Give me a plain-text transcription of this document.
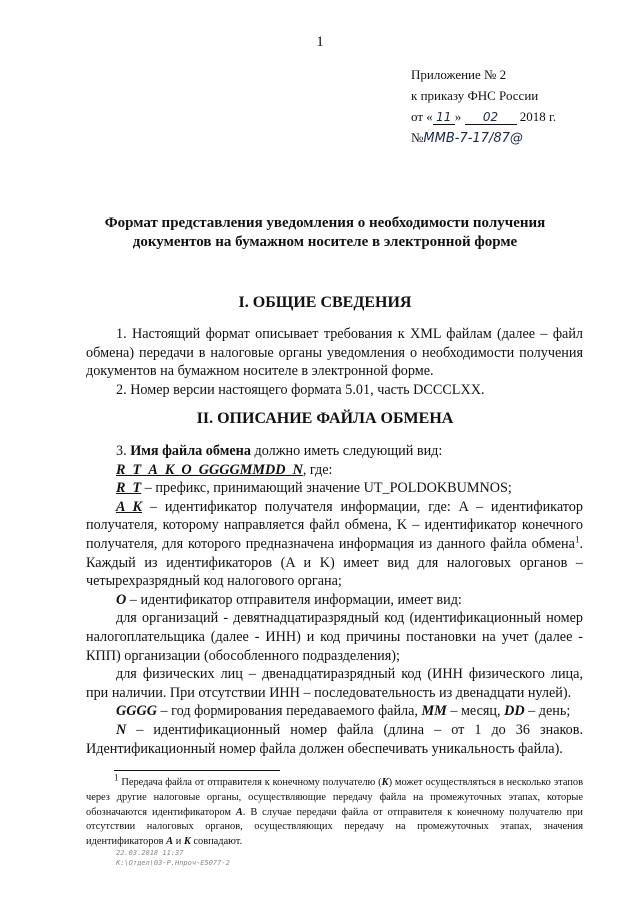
1
Приложение № 2
к приказу ФНС России
от « 11 » 02 2018 г.
№ММВ-7-17/87@
Формат представления уведомления о необходимости получения
документов на бумажном носителе в электронной форме
I. ОБЩИЕ СВЕДЕНИЯ

1. Настоящий формат описывает требования к XML файлам (далее – файл обмена) передачи в налоговые органы уведомления о необходимости получения документов на бумажном носителе в электронной форме.

2. Номер версии настоящего формата 5.01, часть DCCCLXX.

II. ОПИСАНИЕ ФАЙЛА ОБМЕНА

3. Имя файла обмена должно иметь следующий вид:

R_T_A_K_O_GGGGMMDD_N, где:

R_T – префикс, принимающий значение UT_POLDOKBUMNOS;

A_K – идентификатор получателя информации, где: A – идентификатор получателя, которому направляется файл обмена, K – идентификатор конечного получателя, для которого предназначена информация из данного файла обмена$^1$. Каждый из идентификаторов (A и K) имеет вид для налоговых органов – четырехразрядный код налогового органа;

O – идентификатор отправителя информации, имеет вид:

для организаций - девятнадцатиразрядный код (идентификационный номер налогоплательщика (далее - ИНН) и код причины постановки на учет (далее - КПП) организации (обособленного подразделения);

для физических лиц – двенадцатиразрядный код (ИНН физического лица, при наличии. При отсутствии ИНН – последовательность из двенадцати нулей).

GGGG – год формирования передаваемого файла, MM – месяц, DD – день;

N – идентификационный номер файла (длина – от 1 до 36 знаков. Идентификационный номер файла должен обеспечивать уникальность файла).

$^1$ Передача файла от отправителя к конечному получателю (K) может осуществляться в несколько этапов через другие налоговые органы, осуществляющие передачу файла на промежуточных этапах, которые обозначаются идентификатором A. В случае передачи файла от отправителя к конечному получателю при отсутствии налоговых органов, осуществляющих передачу на промежуточных этапах, значения идентификаторов A и K совпадают.

22.03.2018 11:37
К:\Отдел\03-Р.Нпроч-E5077-2
